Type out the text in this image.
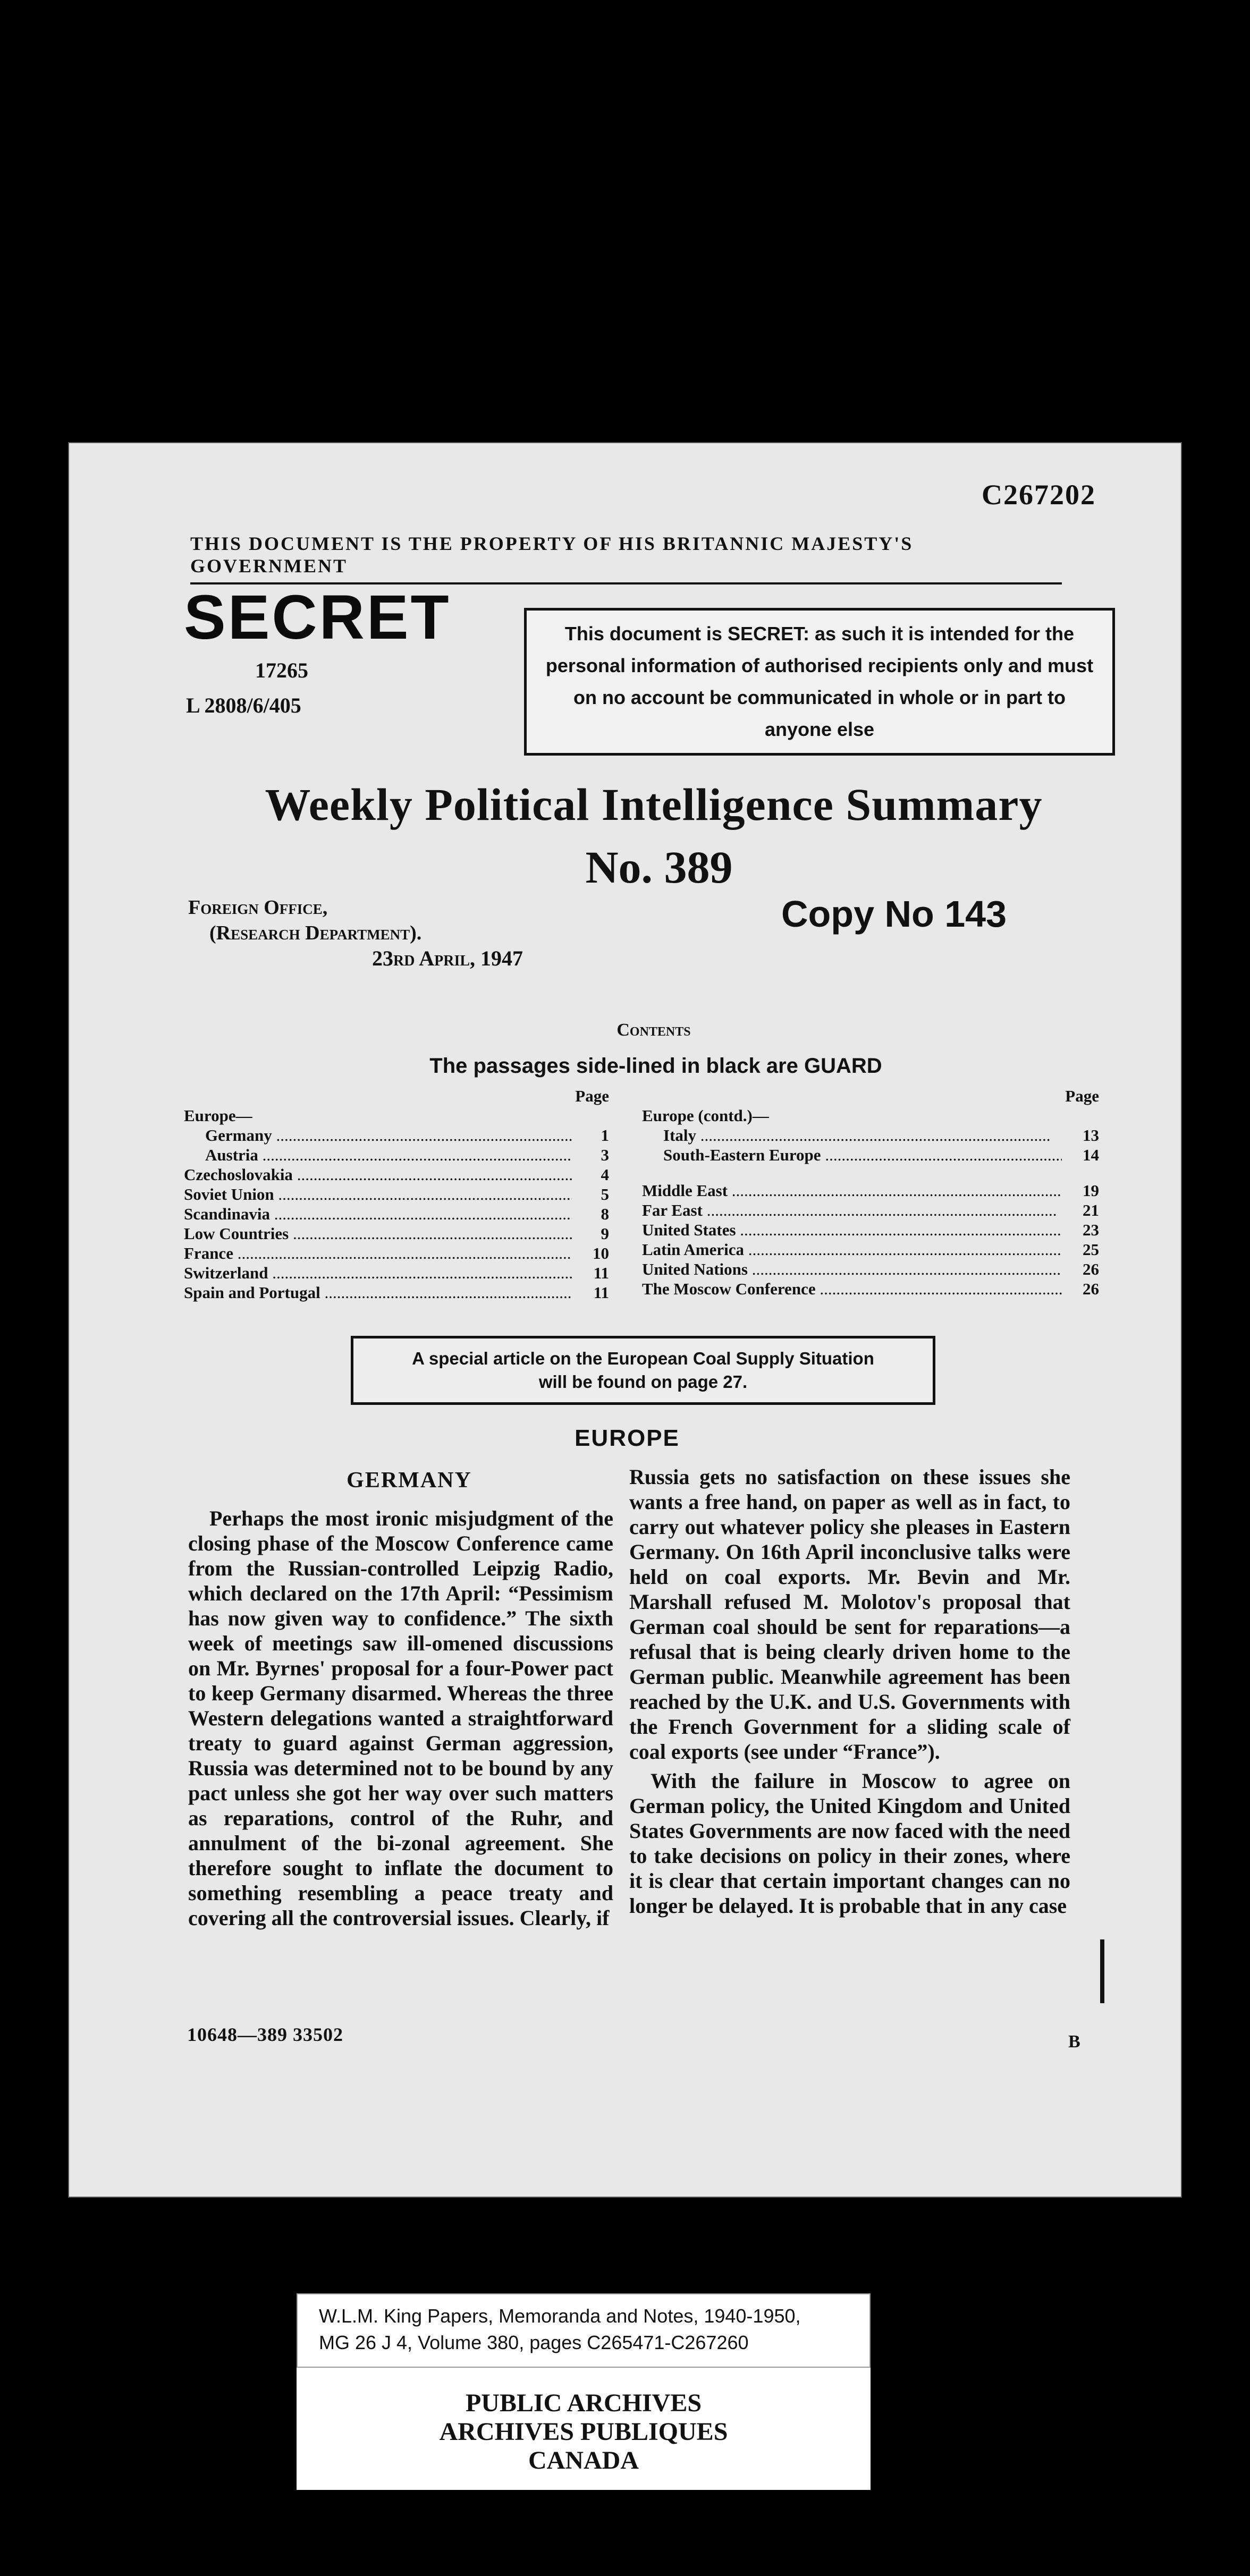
C267202
THIS DOCUMENT IS THE PROPERTY OF HIS BRITANNIC MAJESTY'S GOVERNMENT
SECRET
17265
L 2808/6/405
This document is SECRET: as such it is intended for the personal information of authorised recipients only and must on no account be communicated in whole or in part to anyone else
Weekly Political Intelligence Summary
No. 389
Foreign Office,
(Research Department).
23rd April, 1947
Copy No 143
Contents
The passages side-lined in black are GUARD
Page
Europe—
Germany .....	1
Austria .....	3
Czechoslovakia .....	4
Soviet Union .....	5
Scandinavia .....	8
Low Countries .....	9
France .....	10
Switzerland .....	11
Spain and Portugal .....	11
Page
Europe (contd.)—
Italy .....	13
South-Eastern Europe .....	14
Middle East .....	19
Far East .....	21
United States .....	23
Latin America .....	25
United Nations .....	26
The Moscow Conference .....	26
A special article on the European Coal Supply Situation
will be found on page 27.
EUROPE
GERMANY

Perhaps the most ironic misjudgment of the closing phase of the Moscow Conference came from the Russian-controlled Leipzig Radio, which declared on the 17th April: “Pessimism has now given way to confidence.” The sixth week of meetings saw ill-omened discussions on Mr. Byrnes' proposal for a four-Power pact to keep Germany disarmed. Whereas the three Western delegations wanted a straightforward treaty to guard against German aggression, Russia was determined not to be bound by any pact unless she got her way over such matters as reparations, control of the Ruhr, and annulment of the bi-zonal agreement. She therefore sought to inflate the document to something resembling a peace treaty and covering all the controversial issues. Clearly, if

Russia gets no satisfaction on these issues she wants a free hand, on paper as well as in fact, to carry out whatever policy she pleases in Eastern Germany. On 16th April inconclusive talks were held on coal exports. Mr. Bevin and Mr. Marshall refused M. Molotov's proposal that German coal should be sent for reparations—a refusal that is being clearly driven home to the German public. Meanwhile agreement has been reached by the U.K. and U.S. Governments with the French Government for a sliding scale of coal exports (see under “France”).

With the failure in Moscow to agree on German policy, the United Kingdom and United States Governments are now faced with the need to take decisions on policy in their zones, where it is clear that certain important changes can no longer be delayed. It is probable that in any case

10648—389 33502	B
W.L.M. King Papers, Memoranda and Notes, 1940-1950,
MG 26 J 4, Volume 380, pages C265471-C267260
PUBLIC ARCHIVES
ARCHIVES PUBLIQUES
CANADA
